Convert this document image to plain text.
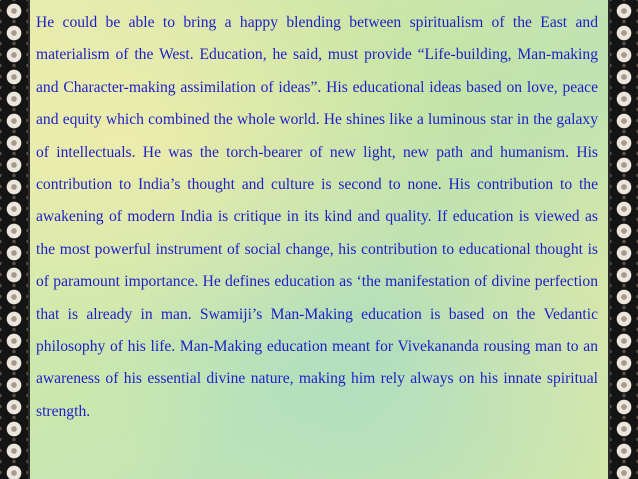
He could be able to bring a happy blending between spiritualism of the East and materialism of the West. Education, he said, must provide “Life-building, Man-making and Character-making assimilation of ideas”. His educational ideas based on love, peace and equity which combined the whole world. He shines like a luminous star in the galaxy of intellectuals. He was the torch-bearer of new light, new path and humanism. His contribution to India’s thought and culture is second to none. His contribution to the awakening of modern India is critique in its kind and quality. If education is viewed as the most powerful instrument of social change, his contribution to educational thought is of paramount importance. He defines education as ‘the manifestation of divine perfection that is already in man. Swamiji’s Man-Making education is based on the Vedantic philosophy of his life. Man-Making education meant for Vivekananda rousing man to an awareness of his essential divine nature, making him rely always on his innate spiritual strength.
